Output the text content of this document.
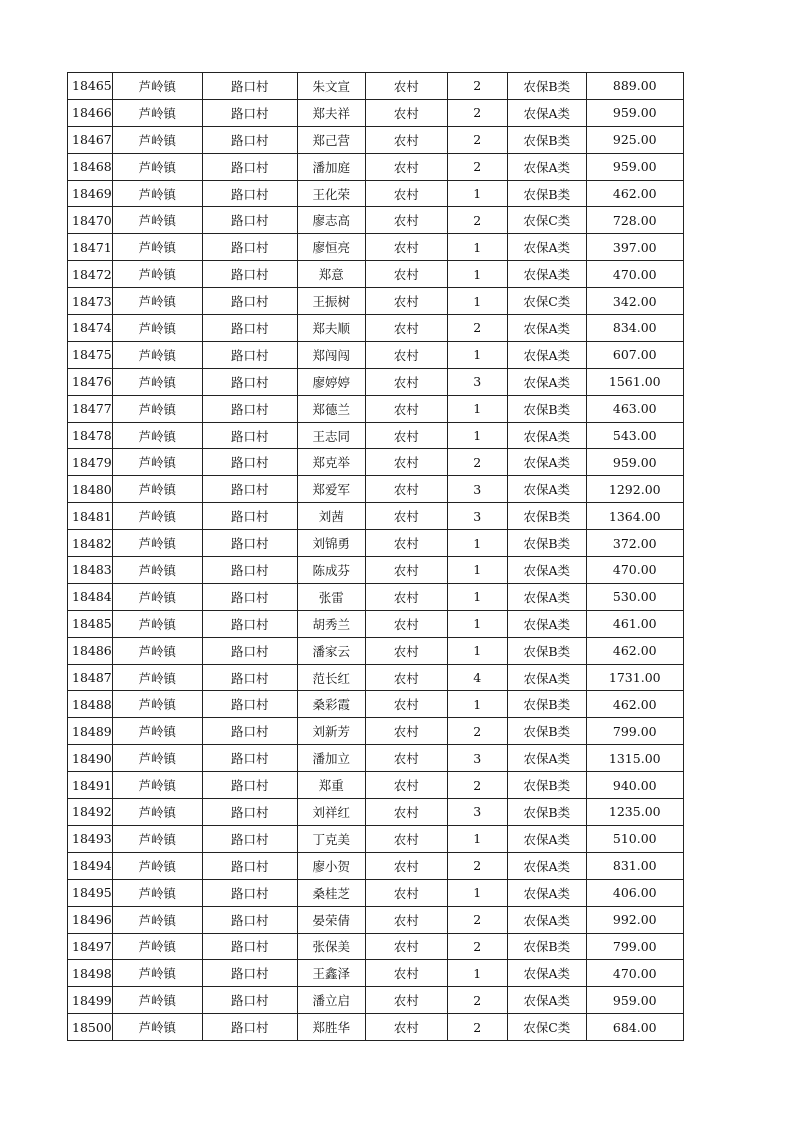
18465	芦岭镇	路口村	朱文宣	农村	2	农保B类	889.00
18466	芦岭镇	路口村	郑夫祥	农村	2	农保A类	959.00
18467	芦岭镇	路口村	郑己营	农村	2	农保B类	925.00
18468	芦岭镇	路口村	潘加庭	农村	2	农保A类	959.00
18469	芦岭镇	路口村	王化荣	农村	1	农保B类	462.00
18470	芦岭镇	路口村	廖志高	农村	2	农保C类	728.00
18471	芦岭镇	路口村	廖恒亮	农村	1	农保A类	397.00
18472	芦岭镇	路口村	郑意	农村	1	农保A类	470.00
18473	芦岭镇	路口村	王振树	农村	1	农保C类	342.00
18474	芦岭镇	路口村	郑夫顺	农村	2	农保A类	834.00
18475	芦岭镇	路口村	郑闯闯	农村	1	农保A类	607.00
18476	芦岭镇	路口村	廖婷婷	农村	3	农保A类	1561.00
18477	芦岭镇	路口村	郑德兰	农村	1	农保B类	463.00
18478	芦岭镇	路口村	王志同	农村	1	农保A类	543.00
18479	芦岭镇	路口村	郑克举	农村	2	农保A类	959.00
18480	芦岭镇	路口村	郑爱军	农村	3	农保A类	1292.00
18481	芦岭镇	路口村	刘茜	农村	3	农保B类	1364.00
18482	芦岭镇	路口村	刘锦勇	农村	1	农保B类	372.00
18483	芦岭镇	路口村	陈成芬	农村	1	农保A类	470.00
18484	芦岭镇	路口村	张雷	农村	1	农保A类	530.00
18485	芦岭镇	路口村	胡秀兰	农村	1	农保A类	461.00
18486	芦岭镇	路口村	潘家云	农村	1	农保B类	462.00
18487	芦岭镇	路口村	范长红	农村	4	农保A类	1731.00
18488	芦岭镇	路口村	桑彩霞	农村	1	农保B类	462.00
18489	芦岭镇	路口村	刘新芳	农村	2	农保B类	799.00
18490	芦岭镇	路口村	潘加立	农村	3	农保A类	1315.00
18491	芦岭镇	路口村	郑重	农村	2	农保B类	940.00
18492	芦岭镇	路口村	刘祥红	农村	3	农保B类	1235.00
18493	芦岭镇	路口村	丁克美	农村	1	农保A类	510.00
18494	芦岭镇	路口村	廖小贺	农村	2	农保A类	831.00
18495	芦岭镇	路口村	桑桂芝	农村	1	农保A类	406.00
18496	芦岭镇	路口村	晏荣倩	农村	2	农保A类	992.00
18497	芦岭镇	路口村	张保美	农村	2	农保B类	799.00
18498	芦岭镇	路口村	王鑫泽	农村	1	农保A类	470.00
18499	芦岭镇	路口村	潘立启	农村	2	农保A类	959.00
18500	芦岭镇	路口村	郑胜华	农村	2	农保C类	684.00
